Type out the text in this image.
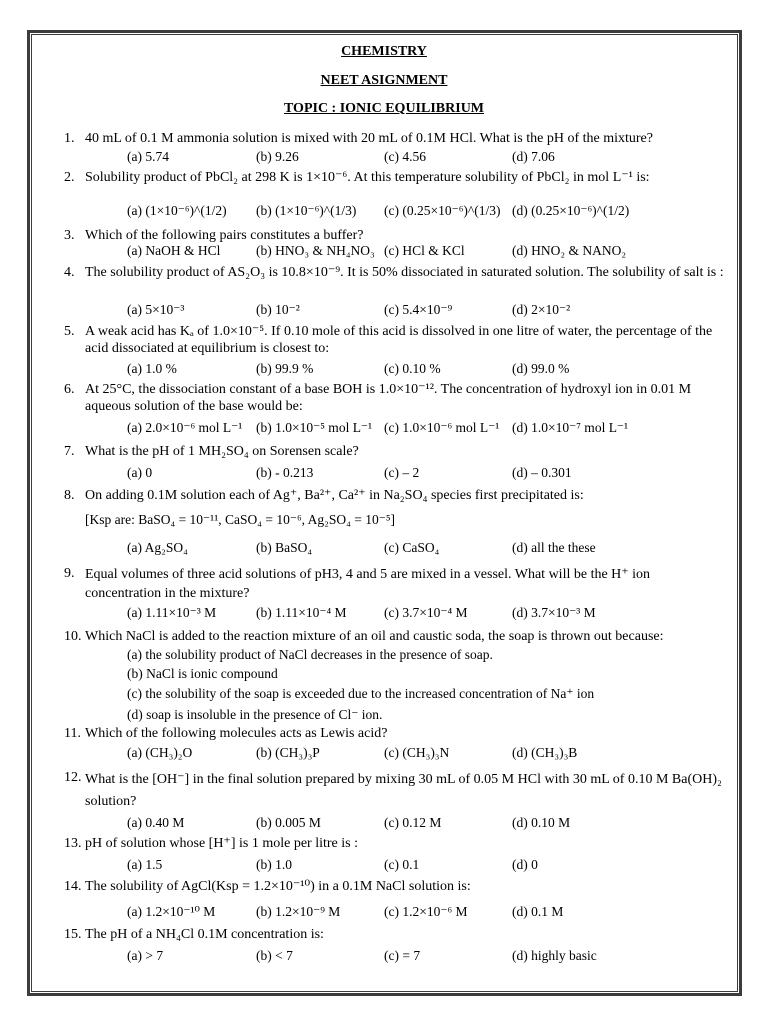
CHEMISTRY
NEET ASIGNMENT
TOPIC : IONIC EQUILIBRIUM
1. 40 mL of 0.1 M ammonia solution is mixed with 20 mL of 0.1M HCl. What is the pH of the mixture?
(a) 5.74	(b) 9.26	(c) 4.56	(d) 7.06
2. Solubility product of PbCl₂ at 298 K is 1×10⁻⁶. At this temperature solubility of PbCl₂ in mol L⁻¹ is:
(a) (1×10⁻⁶)^(1/2) (b) (1×10⁻⁶)^(1/3) (c) (0.25×10⁻⁶)^(1/3) (d) (0.25×10⁻⁶)^(1/2)
3. Which of the following pairs constitutes a buffer?
(a) NaOH & HCl	(b) HNO₃ & NH₄NO₃ (c) HCl & KCl	(d) HNO₂ & NANO₂
4. The solubility product of AS₂O₃ is 10.8×10⁻⁹. It is 50% dissociated in saturated solution. The solubility of salt is :
(a) 5×10⁻³	(b) 10⁻²	(c) 5.4×10⁻⁹	(d) 2×10⁻²
5. A weak acid has Kₐ of 1.0×10⁻⁵. If 0.10 mole of this acid is dissolved in one litre of water, the percentage of the acid dissociated at equilibrium is closest to:
(a) 1.0 %	(b) 99.9 %	(c) 0.10 %	(d) 99.0 %
6. At 25°C, the dissociation constant of a base BOH is 1.0×10⁻¹². The concentration of hydroxyl ion in 0.01 M aqueous solution of the base would be:
(a) 2.0×10⁻⁶ mol L⁻¹ (b) 1.0×10⁻⁵ mol L⁻¹ (c) 1.0×10⁻⁶ mol L⁻¹ (d) 1.0×10⁻⁷ mol L⁻¹
7. What is the pH of 1 MH₂SO₄ on Sorensen scale?
(a) 0	(b) - 0.213	(c) – 2	(d) – 0.301
8. On adding 0.1M solution each of Ag⁺, Ba²⁺, Ca²⁺ in Na₂SO₄ species first precipitated is:
[Ksp are: BaSO₄ = 10⁻¹¹, CaSO₄ = 10⁻⁶, Ag₂SO₄ = 10⁻⁵]
(a) Ag₂SO₄	(b) BaSO₄	(c) CaSO₄	(d) all the these
9. Equal volumes of three acid solutions of pH3, 4 and 5 are mixed in a vessel. What will be the H⁺ ion concentration in the mixture?
(a) 1.11×10⁻³ M	(b) 1.11×10⁻⁴ M	(c) 3.7×10⁻⁴ M	(d) 3.7×10⁻³ M
10. Which NaCl is added to the reaction mixture of an oil and caustic soda, the soap is thrown out because:
(a) the solubility product of NaCl decreases in the presence of soap.
(b) NaCl is ionic compound
(c) the solubility of the soap is exceeded due to the increased concentration of Na⁺ ion
(d) soap is insoluble in the presence of Cl⁻ ion.
11. Which of the following molecules acts as Lewis acid?
(a) (CH₃)₂O	(b) (CH₃)₃P	(c) (CH₃)₃N	(d) (CH₃)₃B
12. What is the [OH⁻] in the final solution prepared by mixing 30 mL of 0.05 M HCl with 30 mL of 0.10 M Ba(OH)₂ solution?
(a) 0.40 M	(b) 0.005 M	(c) 0.12 M	(d) 0.10 M
13. pH of solution whose [H⁺] is 1 mole per litre is :
(a) 1.5	(b) 1.0	(c) 0.1	(d) 0
14. The solubility of AgCl(Ksp = 1.2×10⁻¹⁰) in a 0.1M NaCl solution is:
(a) 1.2×10⁻¹⁰ M	(b) 1.2×10⁻⁹ M	(c) 1.2×10⁻⁶ M	(d) 0.1 M
15. The pH of a NH₄Cl 0.1M concentration is:
(a) > 7	(b) < 7	(c) = 7	(d) highly basic
